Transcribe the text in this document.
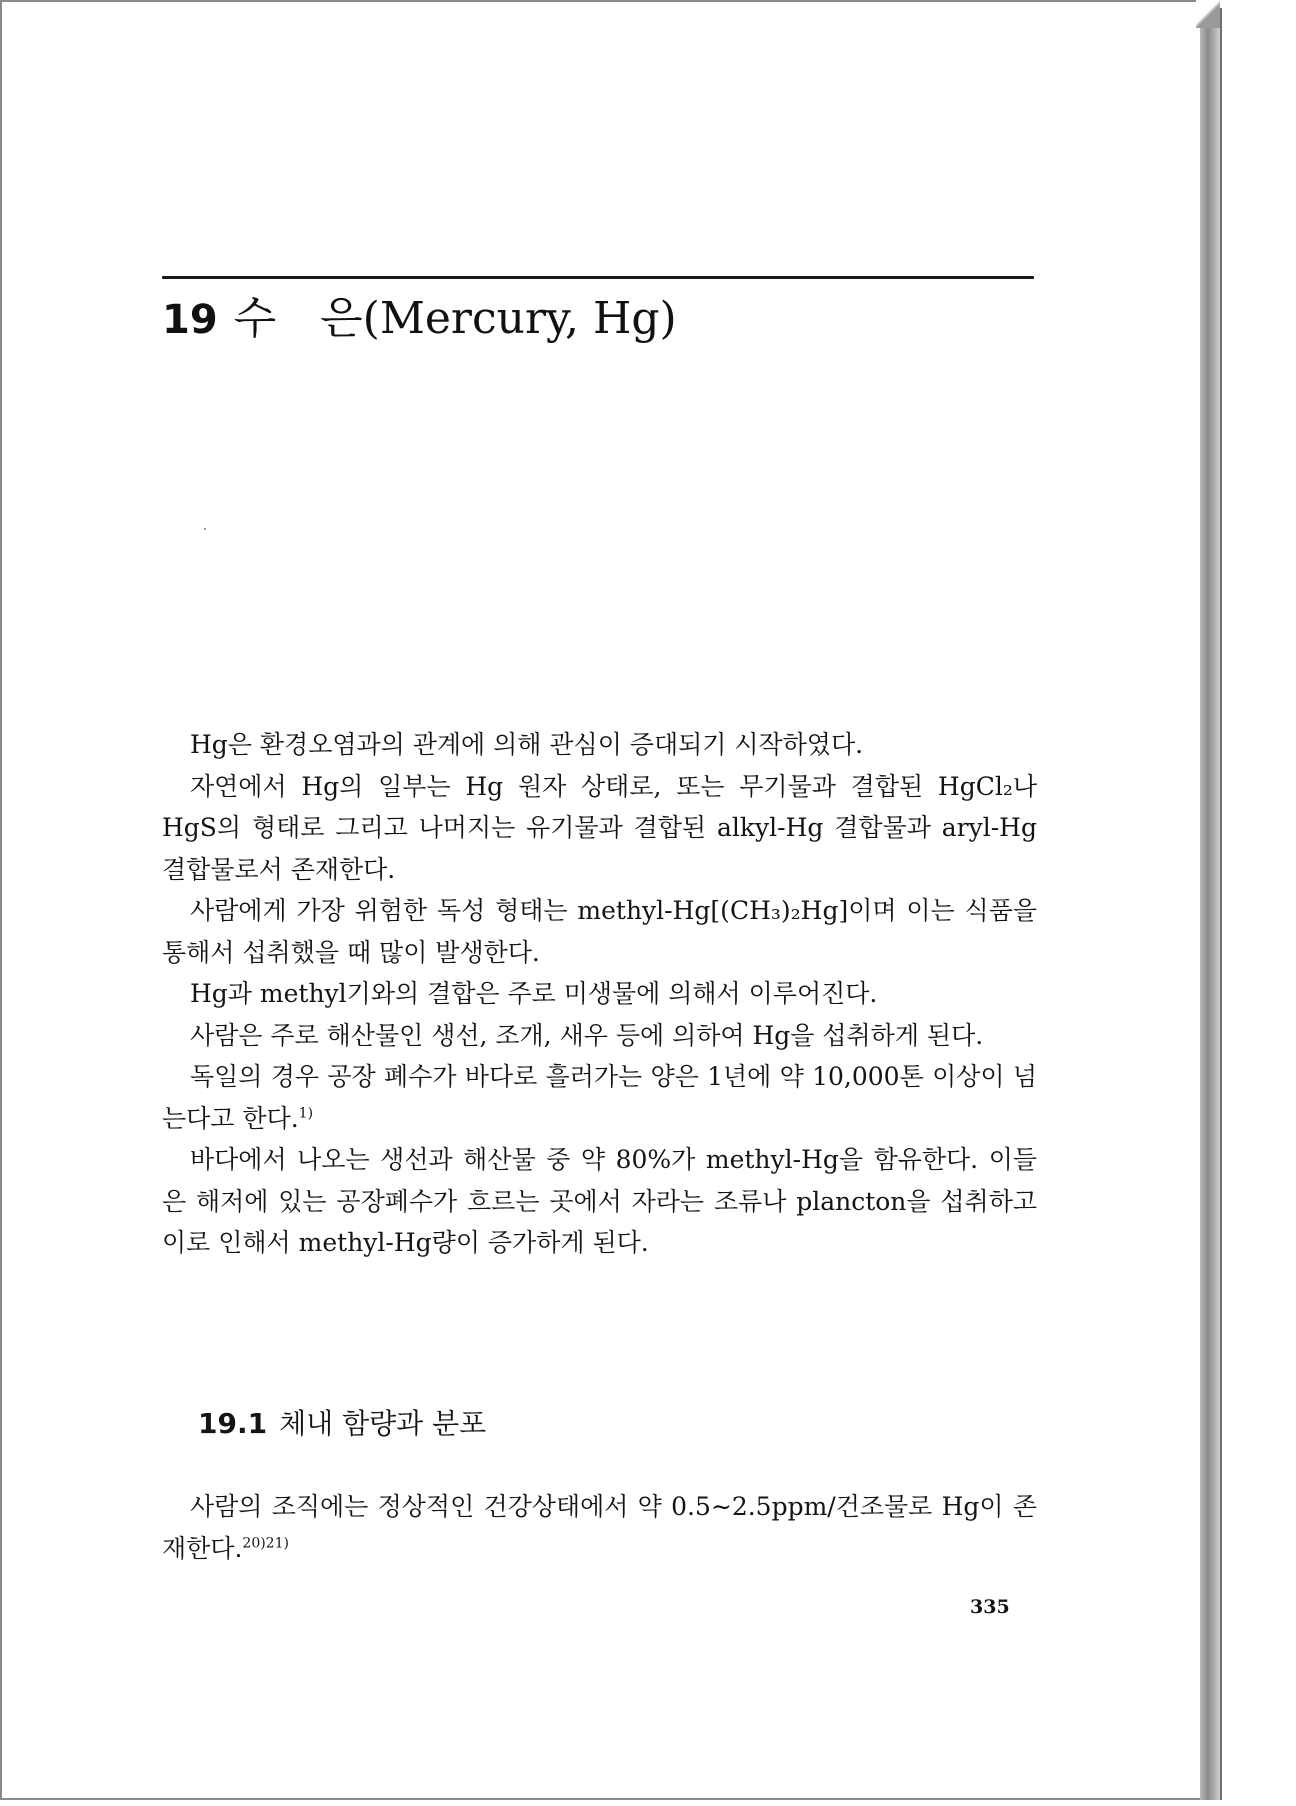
19 수　은(Mercury, Hg)

Hg은 환경오염과의 관계에 의해 관심이 증대되기 시작하였다.

자연에서 Hg의 일부는 Hg 원자 상태로, 또는 무기물과 결합된 HgCl₂나 HgS의 형태로 그리고 나머지는 유기물과 결합된 alkyl-Hg 결합물과 aryl-Hg 결합물로서 존재한다.

사람에게 가장 위험한 독성 형태는 methyl-Hg[(CH₃)₂Hg]이며 이는 식품을 통해서 섭취했을 때 많이 발생한다.

Hg과 methyl기와의 결합은 주로 미생물에 의해서 이루어진다.

사람은 주로 해산물인 생선, 조개, 새우 등에 의하여 Hg을 섭취하게 된다.

독일의 경우 공장 폐수가 바다로 흘러가는 양은 1년에 약 10,000톤 이상이 넘는다고 한다.$^{1)}$

바다에서 나오는 생선과 해산물 중 약 80%가 methyl-Hg을 함유한다. 이들은 해저에 있는 공장폐수가 흐르는 곳에서 자라는 조류나 plancton을 섭취하고 이로 인해서 methyl-Hg량이 증가하게 된다.

19.1 체내 함량과 분포

사람의 조직에는 정상적인 건강상태에서 약 0.5∼2.5ppm/건조물로 Hg이 존재한다.$^{20)21)}$

335
